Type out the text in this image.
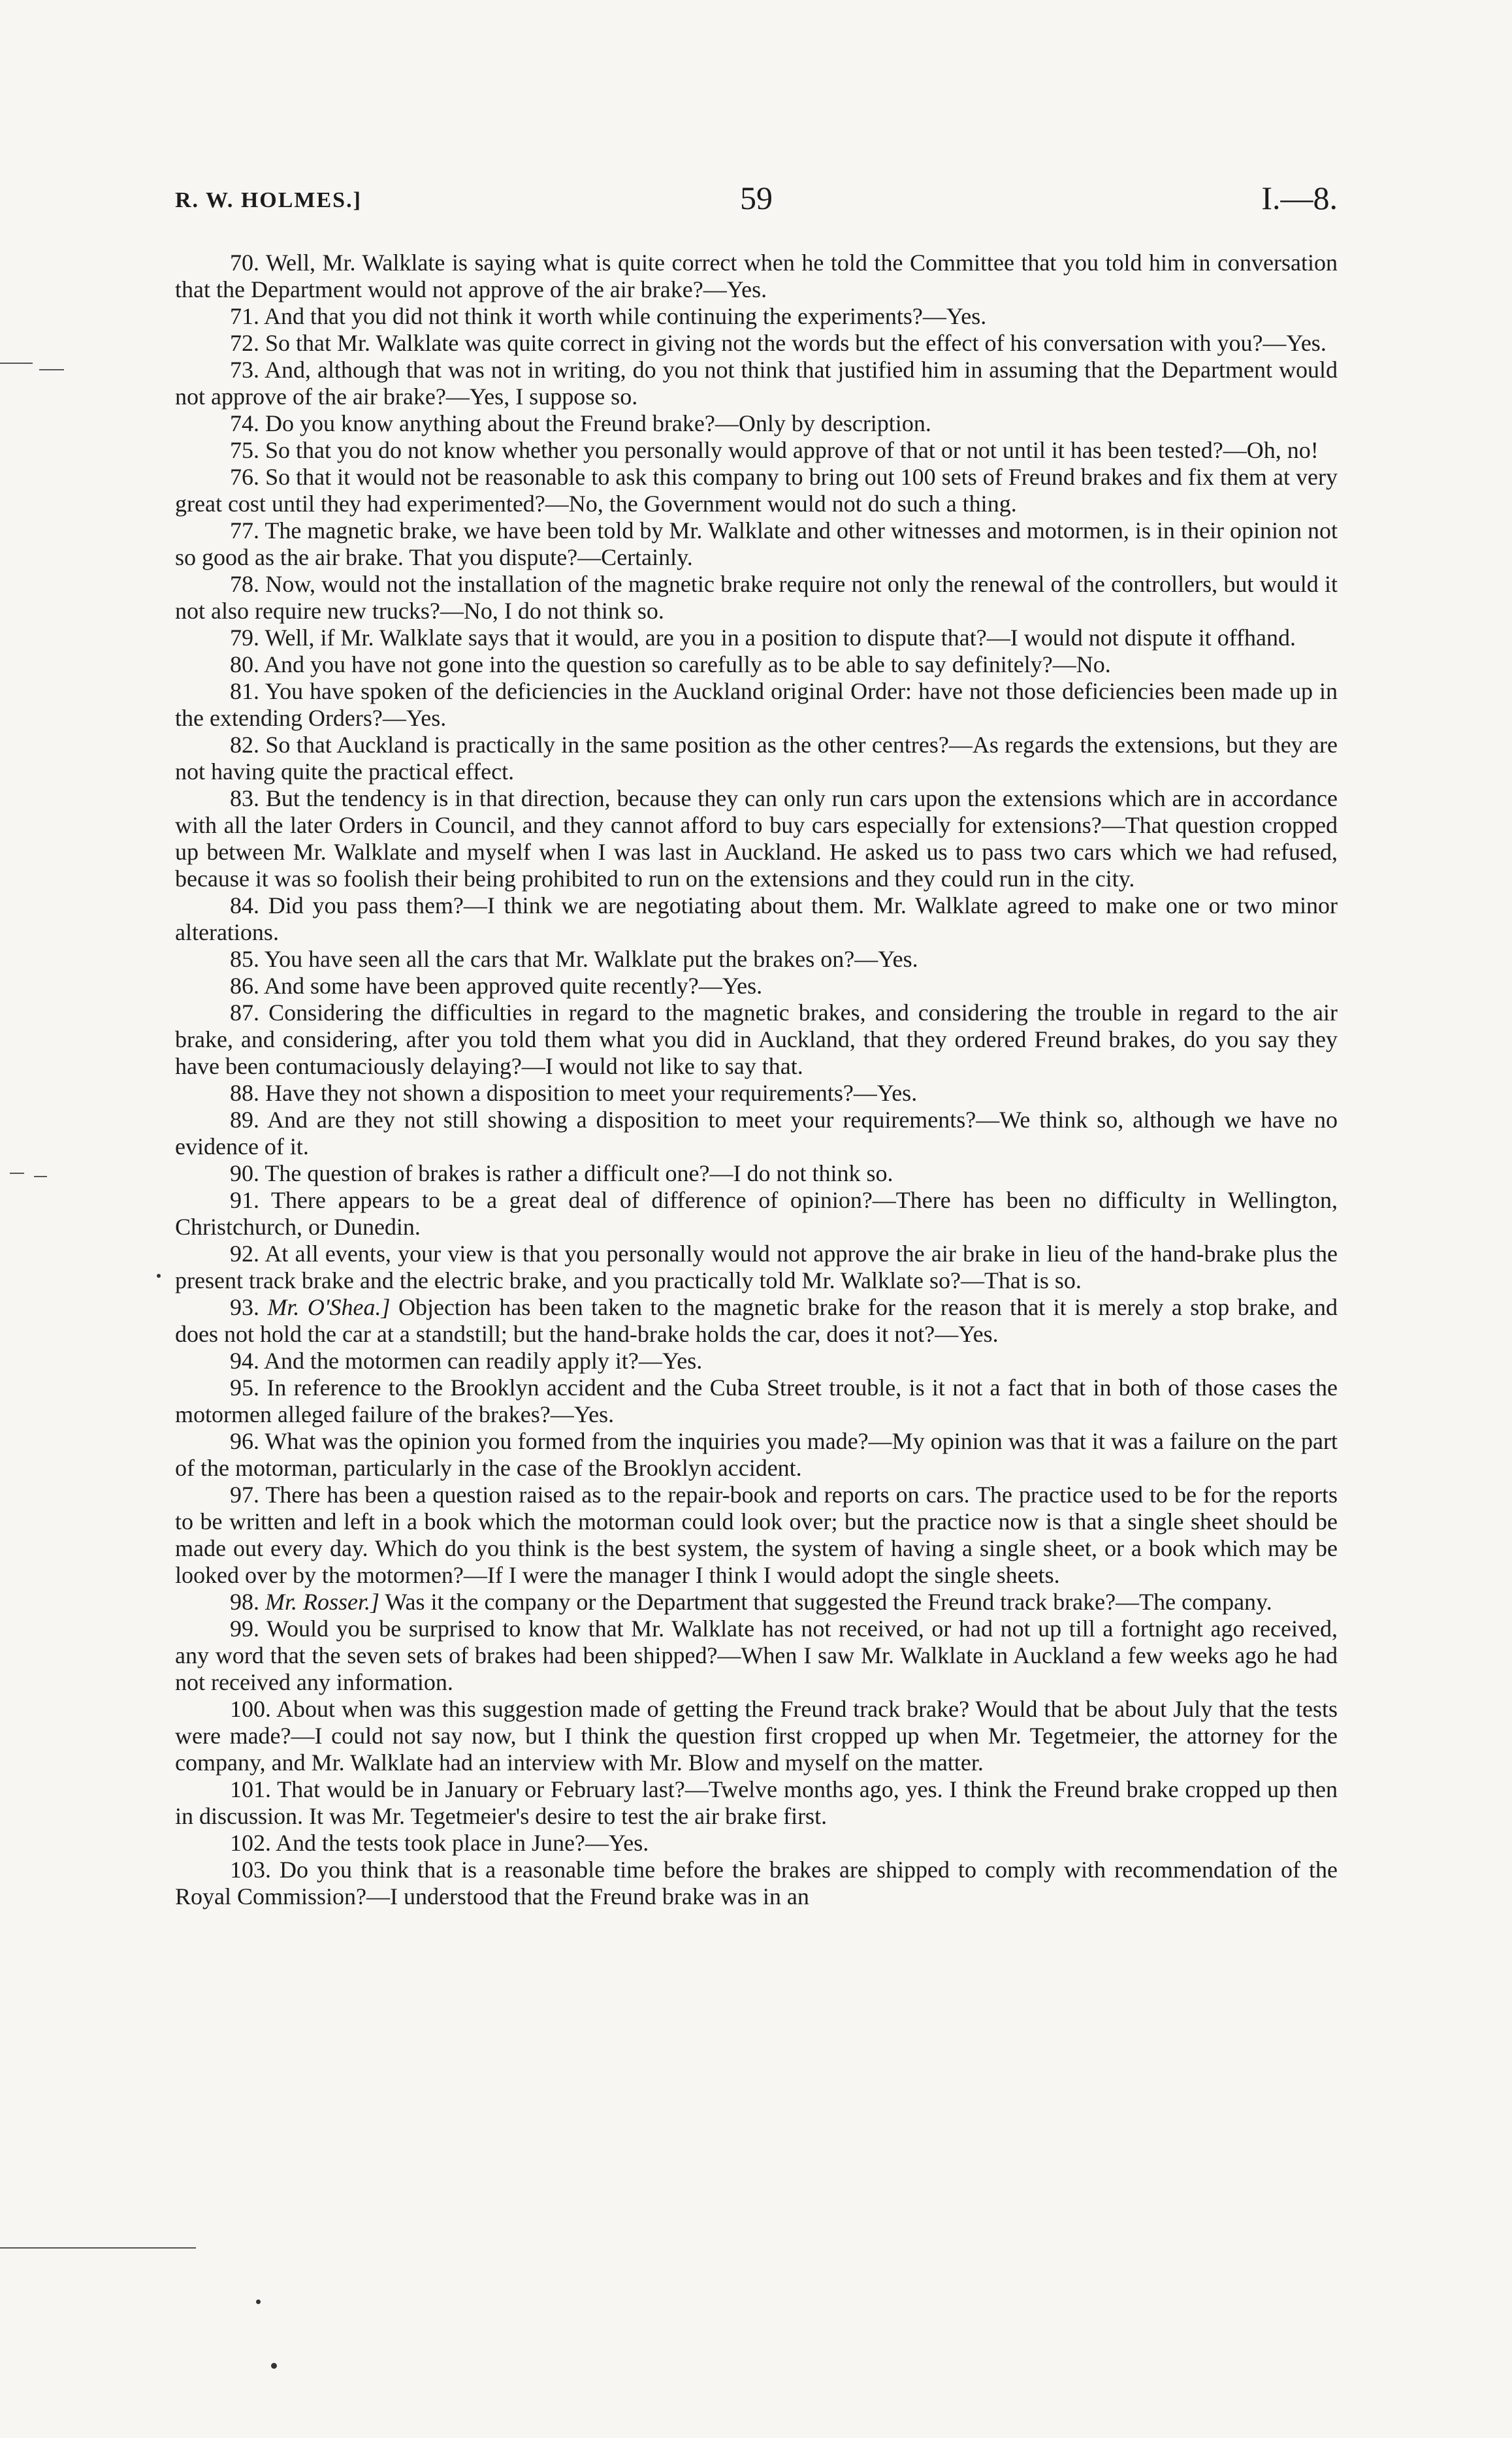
R. W. HOLMES.]	59	I.—8.

70. Well, Mr. Walklate is saying what is quite correct when he told the Committee that you told him in conversation that the Department would not approve of the air brake?—Yes.

71. And that you did not think it worth while continuing the experiments?—Yes.

72. So that Mr. Walklate was quite correct in giving not the words but the effect of his conversation with you?—Yes.

73. And, although that was not in writing, do you not think that justified him in assuming that the Department would not approve of the air brake?—Yes, I suppose so.

74. Do you know anything about the Freund brake?—Only by description.

75. So that you do not know whether you personally would approve of that or not until it has been tested?—Oh, no!

76. So that it would not be reasonable to ask this company to bring out 100 sets of Freund brakes and fix them at very great cost until they had experimented?—No, the Government would not do such a thing.

77. The magnetic brake, we have been told by Mr. Walklate and other witnesses and motormen, is in their opinion not so good as the air brake. That you dispute?—Certainly.

78. Now, would not the installation of the magnetic brake require not only the renewal of the controllers, but would it not also require new trucks?—No, I do not think so.

79. Well, if Mr. Walklate says that it would, are you in a position to dispute that?—I would not dispute it offhand.

80. And you have not gone into the question so carefully as to be able to say definitely?—No.

81. You have spoken of the deficiencies in the Auckland original Order: have not those deficiencies been made up in the extending Orders?—Yes.

82. So that Auckland is practically in the same position as the other centres?—As regards the extensions, but they are not having quite the practical effect.

83. But the tendency is in that direction, because they can only run cars upon the extensions which are in accordance with all the later Orders in Council, and they cannot afford to buy cars especially for extensions?—That question cropped up between Mr. Walklate and myself when I was last in Auckland. He asked us to pass two cars which we had refused, because it was so foolish their being prohibited to run on the extensions and they could run in the city.

84. Did you pass them?—I think we are negotiating about them. Mr. Walklate agreed to make one or two minor alterations.

85. You have seen all the cars that Mr. Walklate put the brakes on?—Yes.

86. And some have been approved quite recently?—Yes.

87. Considering the difficulties in regard to the magnetic brakes, and considering the trouble in regard to the air brake, and considering, after you told them what you did in Auckland, that they ordered Freund brakes, do you say they have been contumaciously delaying?—I would not like to say that.

88. Have they not shown a disposition to meet your requirements?—Yes.

89. And are they not still showing a disposition to meet your requirements?—We think so, although we have no evidence of it.

90. The question of brakes is rather a difficult one?—I do not think so.

91. There appears to be a great deal of difference of opinion?—There has been no difficulty in Wellington, Christchurch, or Dunedin.

92. At all events, your view is that you personally would not approve the air brake in lieu of the hand-brake plus the present track brake and the electric brake, and you practically told Mr. Walklate so?—That is so.

93. Mr. O'Shea.] Objection has been taken to the magnetic brake for the reason that it is merely a stop brake, and does not hold the car at a standstill; but the hand-brake holds the car, does it not?—Yes.

94. And the motormen can readily apply it?—Yes.

95. In reference to the Brooklyn accident and the Cuba Street trouble, is it not a fact that in both of those cases the motormen alleged failure of the brakes?—Yes.

96. What was the opinion you formed from the inquiries you made?—My opinion was that it was a failure on the part of the motorman, particularly in the case of the Brooklyn accident.

97. There has been a question raised as to the repair-book and reports on cars. The practice used to be for the reports to be written and left in a book which the motorman could look over; but the practice now is that a single sheet should be made out every day. Which do you think is the best system, the system of having a single sheet, or a book which may be looked over by the motormen?—If I were the manager I think I would adopt the single sheets.

98. Mr. Rosser.] Was it the company or the Department that suggested the Freund track brake?—The company.

99. Would you be surprised to know that Mr. Walklate has not received, or had not up till a fortnight ago received, any word that the seven sets of brakes had been shipped?—When I saw Mr. Walklate in Auckland a few weeks ago he had not received any information.

100. About when was this suggestion made of getting the Freund track brake? Would that be about July that the tests were made?—I could not say now, but I think the question first cropped up when Mr. Tegetmeier, the attorney for the company, and Mr. Walklate had an interview with Mr. Blow and myself on the matter.

101. That would be in January or February last?—Twelve months ago, yes. I think the Freund brake cropped up then in discussion. It was Mr. Tegetmeier's desire to test the air brake first.

102. And the tests took place in June?—Yes.

103. Do you think that is a reasonable time before the brakes are shipped to comply with recommendation of the Royal Commission?—I understood that the Freund brake was in an
